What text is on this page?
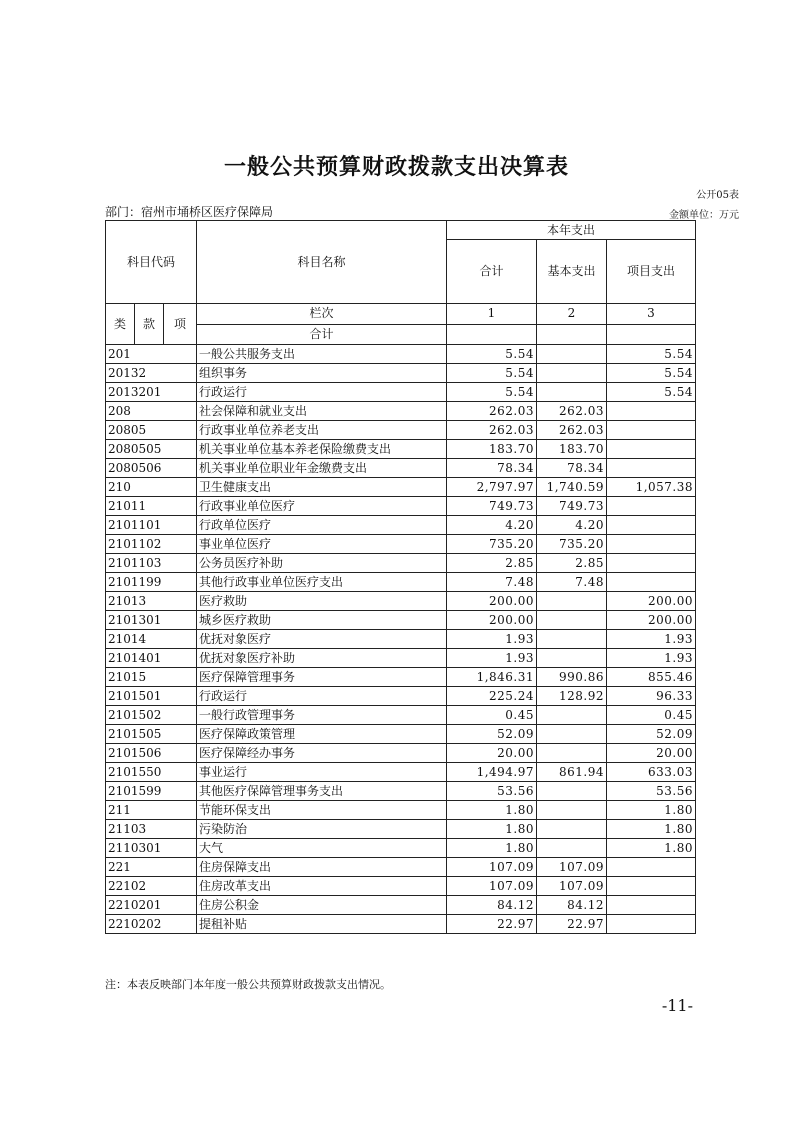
一般公共预算财政拨款支出决算表
公开05表
部门：宿州市埇桥区医疗保障局	金额单位：万元
科目代码			科目名称	本年支出		
				合计	基本支出	项目支出
类	款	项	栏次	1	2	3
			合计			
201			一般公共服务支出	5.54		5.54
20132			组织事务	5.54		5.54
2013201			行政运行	5.54		5.54
208			社会保障和就业支出	262.03	262.03	
20805			行政事业单位养老支出	262.03	262.03	
2080505			机关事业单位基本养老保险缴费支出	183.70	183.70	
2080506			机关事业单位职业年金缴费支出	78.34	78.34	
210			卫生健康支出	2,797.97	1,740.59	1,057.38
21011			行政事业单位医疗	749.73	749.73	
2101101			行政单位医疗	4.20	4.20	
2101102			事业单位医疗	735.20	735.20	
2101103			公务员医疗补助	2.85	2.85	
2101199			其他行政事业单位医疗支出	7.48	7.48	
21013			医疗救助	200.00		200.00
2101301			城乡医疗救助	200.00		200.00
21014			优抚对象医疗	1.93		1.93
2101401			优抚对象医疗补助	1.93		1.93
21015			医疗保障管理事务	1,846.31	990.86	855.46
2101501			行政运行	225.24	128.92	96.33
2101502			一般行政管理事务	0.45		0.45
2101505			医疗保障政策管理	52.09		52.09
2101506			医疗保障经办事务	20.00		20.00
2101550			事业运行	1,494.97	861.94	633.03
2101599			其他医疗保障管理事务支出	53.56		53.56
211			节能环保支出	1.80		1.80
21103			污染防治	1.80		1.80
2110301			大气	1.80		1.80
221			住房保障支出	107.09	107.09	
22102			住房改革支出	107.09	107.09	
2210201			住房公积金	84.12	84.12	
2210202			提租补贴	22.97	22.97	
注：本表反映部门本年度一般公共预算财政拨款支出情况。
-11-
